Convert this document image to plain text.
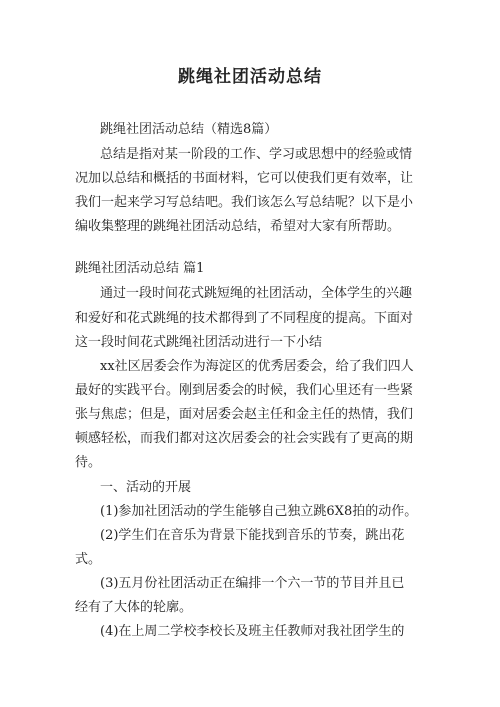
跳绳社团活动总结
跳绳社团活动总结（精选8篇）
总结是指对某一阶段的工作、学习或思想中的经验或情
况加以总结和概括的书面材料，它可以使我们更有效率，让
我们一起来学习写总结吧。我们该怎么写总结呢？以下是小
编收集整理的跳绳社团活动总结，希望对大家有所帮助。
跳绳社团活动总结 篇1
通过一段时间花式跳短绳的社团活动，全体学生的兴趣
和爱好和花式跳绳的技术都得到了不同程度的提高。下面对
这一段时间花式跳绳社团活动进行一下小结
xx社区居委会作为海淀区的优秀居委会，给了我们四人
最好的实践平台。刚到居委会的时候，我们心里还有一些紧
张与焦虑；但是，面对居委会赵主任和金主任的热情，我们
顿感轻松，而我们都对这次居委会的社会实践有了更高的期
待。
一、活动的开展
(1)参加社团活动的学生能够自己独立跳6X8拍的动作。
(2)学生们在音乐为背景下能找到音乐的节奏，跳出花
式。
(3)五月份社团活动正在编排一个六一节的节目并且已
经有了大体的轮廓。
(4)在上周二学校李校长及班主任教师对我社团学生的
